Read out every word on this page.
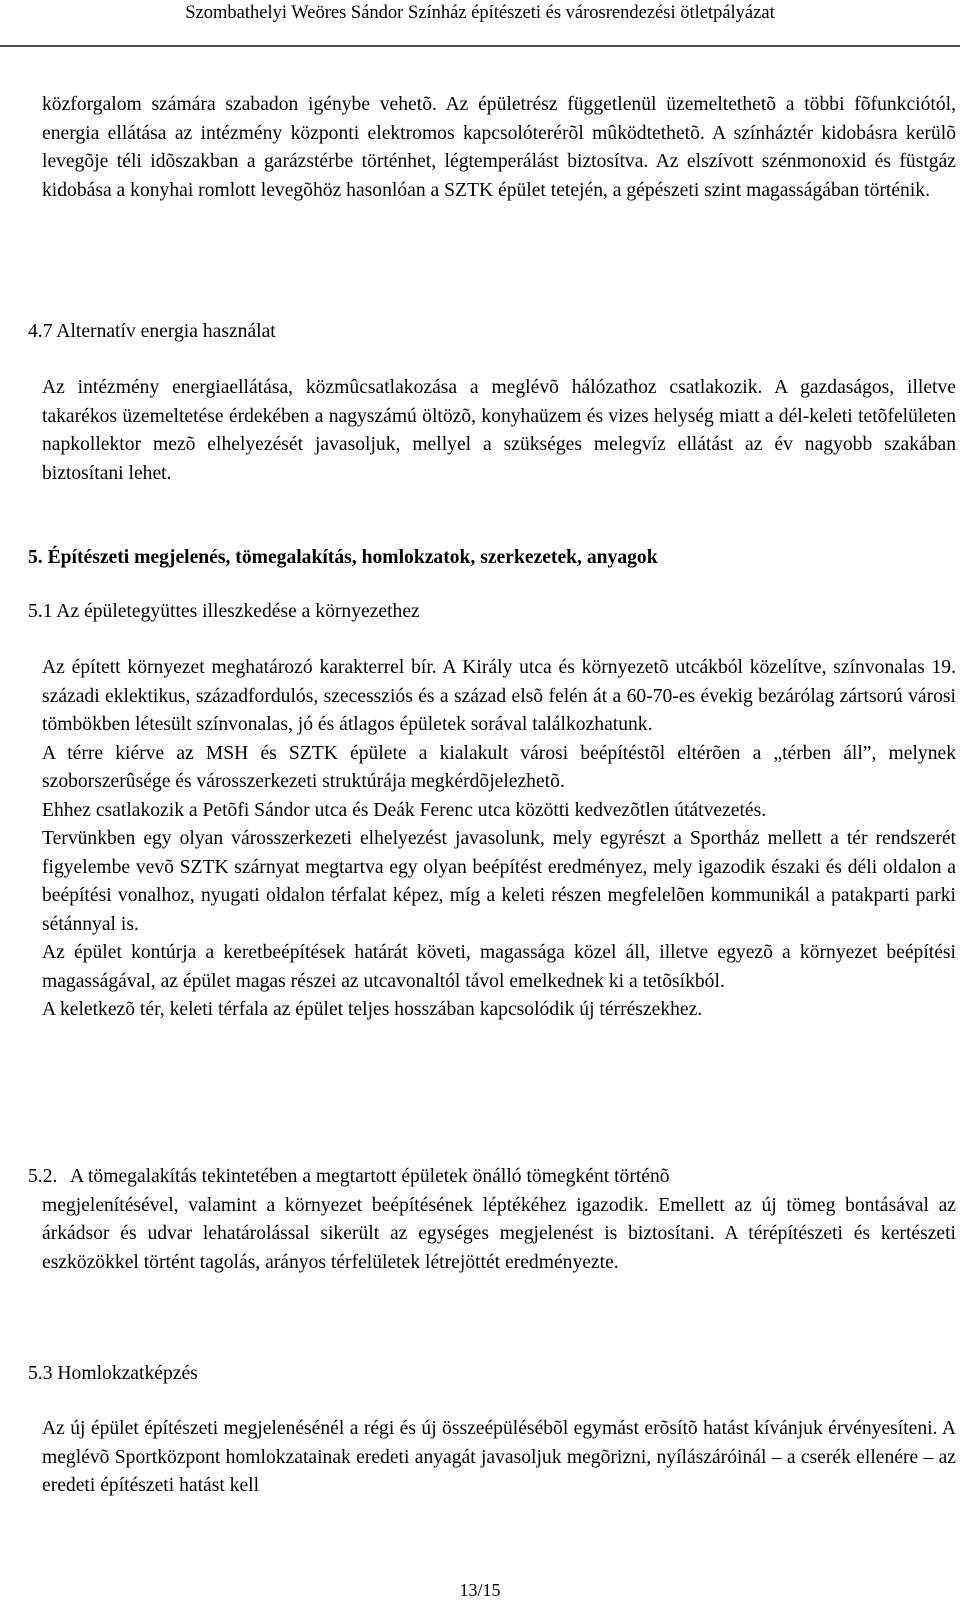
Szombathelyi Weöres Sándor Színház építészeti és városrendezési ötletpályázat

közforgalom számára szabadon igénybe vehetõ. Az épületrész függetlenül üzemeltethetõ a többi fõfunkciótól, energia ellátása az intézmény központi elektromos kapcsolóterérõl mûködtethetõ. A színháztér kidobásra kerülõ levegõje téli idõszakban a garázstérbe történhet, légtemperálást biztosítva. Az elszívott szénmonoxid és füstgáz kidobása a konyhai romlott levegõhöz hasonlóan a SZTK épület tetején, a gépészeti szint magasságában történik.

4.7 Alternatív energia használat

Az intézmény energiaellátása, közmûcsatlakozása a meglévõ hálózathoz csatlakozik. A gazdaságos, illetve takarékos üzemeltetése érdekében a nagyszámú öltözõ, konyhaüzem és vizes helység miatt a dél-keleti tetõfelületen napkollektor mezõ elhelyezését javasoljuk, mellyel a szükséges melegvíz ellátást az év nagyobb szakában biztosítani lehet.

5. Építészeti megjelenés, tömegalakítás, homlokzatok, szerkezetek, anyagok

5.1 Az épületegyüttes illeszkedése a környezethez

Az épített környezet meghatározó karakterrel bír. A Király utca és környezetõ utcákból közelítve, színvonalas 19. századi eklektikus, századfordulós, szecessziós és a század elsõ felén át a 60-70-es évekig bezárólag zártsorú városi tömbökben létesült színvonalas, jó és átlagos épületek sorával találkozhatunk.

A térre kiérve az MSH és SZTK épülete a kialakult városi beépítéstõl eltérõen a „térben áll”, melynek szoborszerûsége és városszerkezeti struktúrája megkérdõjelezhetõ.

Ehhez csatlakozik a Petõfi Sándor utca és Deák Ferenc utca közötti kedvezõtlen útátvezetés.

Tervünkben egy olyan városszerkezeti elhelyezést javasolunk, mely egyrészt a Sportház mellett a tér rendszerét figyelembe vevõ SZTK szárnyat megtartva egy olyan beépítést eredményez, mely igazodik északi és déli oldalon a beépítési vonalhoz, nyugati oldalon térfalat képez, míg a keleti részen megfelelõen kommunikál a patakparti parki sétánnyal is.

Az épület kontúrja a keretbeépítések határát követi, magassága közel áll, illetve egyezõ a környezet beépítési magasságával, az épület magas részei az utcavonaltól távol emelkednek ki a tetõsíkból.

A keletkezõ tér, keleti térfala az épület teljes hosszában kapcsolódik új térrészekhez.

5.2. A tömegalakítás tekintetében a megtartott épületek önálló tömegként történõ

megjelenítésével, valamint a környezet beépítésének léptékéhez igazodik. Emellett az új tömeg bontásával az árkádsor és udvar lehatárolással sikerült az egységes megjelenést is biztosítani. A térépítészeti és kertészeti eszközökkel történt tagolás, arányos térfelületek létrejöttét eredményezte.

5.3 Homlokzatképzés

Az új épület építészeti megjelenésénél a régi és új összeépülésébõl egymást erõsítõ hatást kívánjuk érvényesíteni. A meglévõ Sportközpont homlokzatainak eredeti anyagát javasoljuk megõrizni, nyílászáróinál – a cserék ellenére – az eredeti építészeti hatást kell

13/15
